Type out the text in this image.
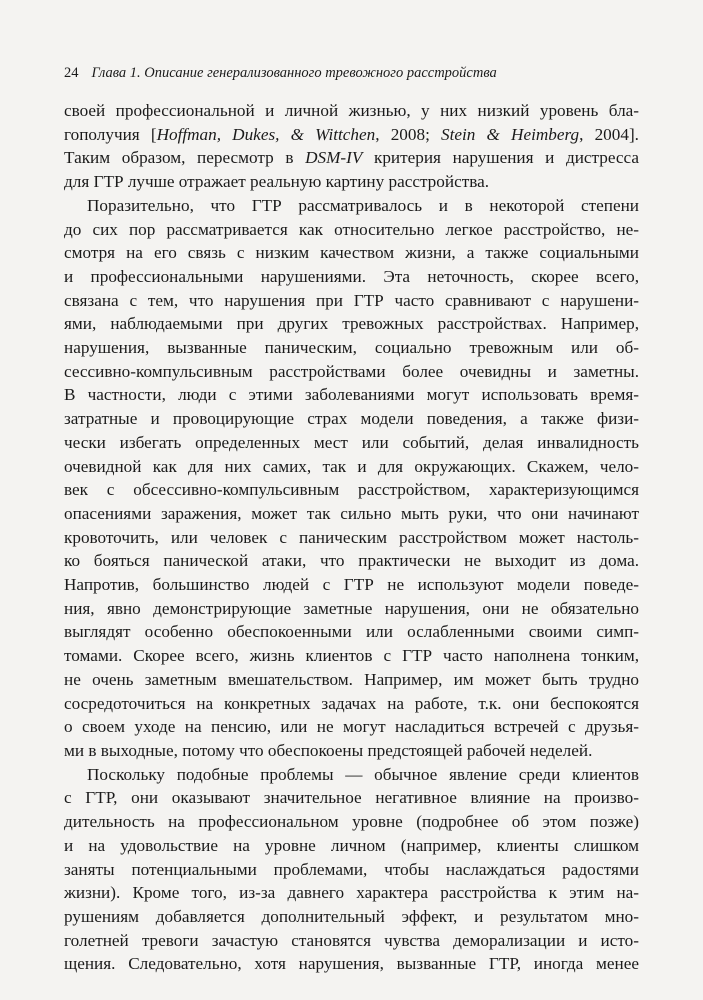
24 Глава 1. Описание генерализованного тревожного расстройства
своей профессиональной и личной жизнью, у них низкий уровень бла-
гополучия [Hoffman, Dukes, & Wittchen, 2008; Stein & Heimberg, 2004].
Таким образом, пересмотр в DSM-IV критерия нарушения и дистресса
для ГТР лучше отражает реальную картину расстройства.
Поразительно, что ГТР рассматривалось и в некоторой степени
до сих пор рассматривается как относительно легкое расстройство, не-
смотря на его связь с низким качеством жизни, а также социальными
и профессиональными нарушениями. Эта неточность, скорее всего,
связана с тем, что нарушения при ГТР часто сравнивают с нарушени-
ями, наблюдаемыми при других тревожных расстройствах. Например,
нарушения, вызванные паническим, социально тревожным или об-
сессивно-компульсивным расстройствами более очевидны и заметны.
В частности, люди с этими заболеваниями могут использовать время-
затратные и провоцирующие страх модели поведения, а также физи-
чески избегать определенных мест или событий, делая инвалидность
очевидной как для них самих, так и для окружающих. Скажем, чело-
век с обсессивно-компульсивным расстройством, характеризующимся
опасениями заражения, может так сильно мыть руки, что они начинают
кровоточить, или человек с паническим расстройством может настоль-
ко бояться панической атаки, что практически не выходит из дома.
Напротив, большинство людей с ГТР не используют модели поведе-
ния, явно демонстрирующие заметные нарушения, они не обязательно
выглядят особенно обеспокоенными или ослабленными своими симп-
томами. Скорее всего, жизнь клиентов с ГТР часто наполнена тонким,
не очень заметным вмешательством. Например, им может быть трудно
сосредоточиться на конкретных задачах на работе, т.к. они беспокоятся
о своем уходе на пенсию, или не могут насладиться встречей с друзья-
ми в выходные, потому что обеспокоены предстоящей рабочей неделей.
Поскольку подобные проблемы — обычное явление среди клиентов
с ГТР, они оказывают значительное негативное влияние на произво-
дительность на профессиональном уровне (подробнее об этом позже)
и на удовольствие на уровне личном (например, клиенты слишком
заняты потенциальными проблемами, чтобы наслаждаться радостями
жизни). Кроме того, из-за давнего характера расстройства к этим на-
рушениям добавляется дополнительный эффект, и результатом мно-
голетней тревоги зачастую становятся чувства деморализации и исто-
щения. Следовательно, хотя нарушения, вызванные ГТР, иногда менее
